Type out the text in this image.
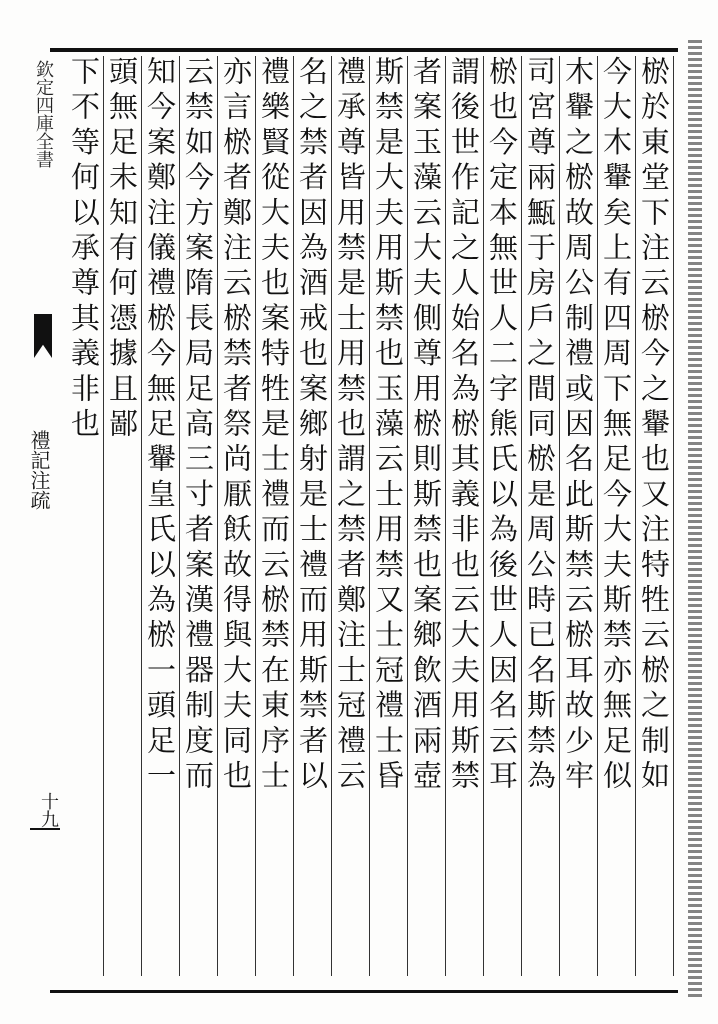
欽定四庫全書
禮記注疏
十九
棜於東堂下注云棜今之轝也又注特牲云棜之制如
今大木轝矣上有四周下無足今大夫斯禁亦無足似
木轝之棜故周公制禮或因名此斯禁云棜耳故少牢
司宮尊兩甒于房戶之間同棜是周公時已名斯禁為
棜也今定本無世人二字熊氏以為後世人因名云耳
謂後世作記之人始名為棜其義非也云大夫用斯禁
者案玉藻云大夫側尊用棜則斯禁也案鄉飲酒兩壺
斯禁是大夫用斯禁也玉藻云士用禁又士冠禮士昏
禮承尊皆用禁是士用禁也謂之禁者鄭注士冠禮云
名之禁者因為酒戒也案鄉射是士禮而用斯禁者以
禮樂賢從大夫也案特牲是士禮而云棜禁在東序士
亦言棜者鄭注云棜禁者祭尚厭飫故得與大夫同也
云禁如今方案隋長局足高三寸者案漢禮器制度而
知今案鄭注儀禮棜今無足轝皇氏以為棜一頭足一
頭無足未知有何憑據且鄙
下不等何以承尊其義非也
